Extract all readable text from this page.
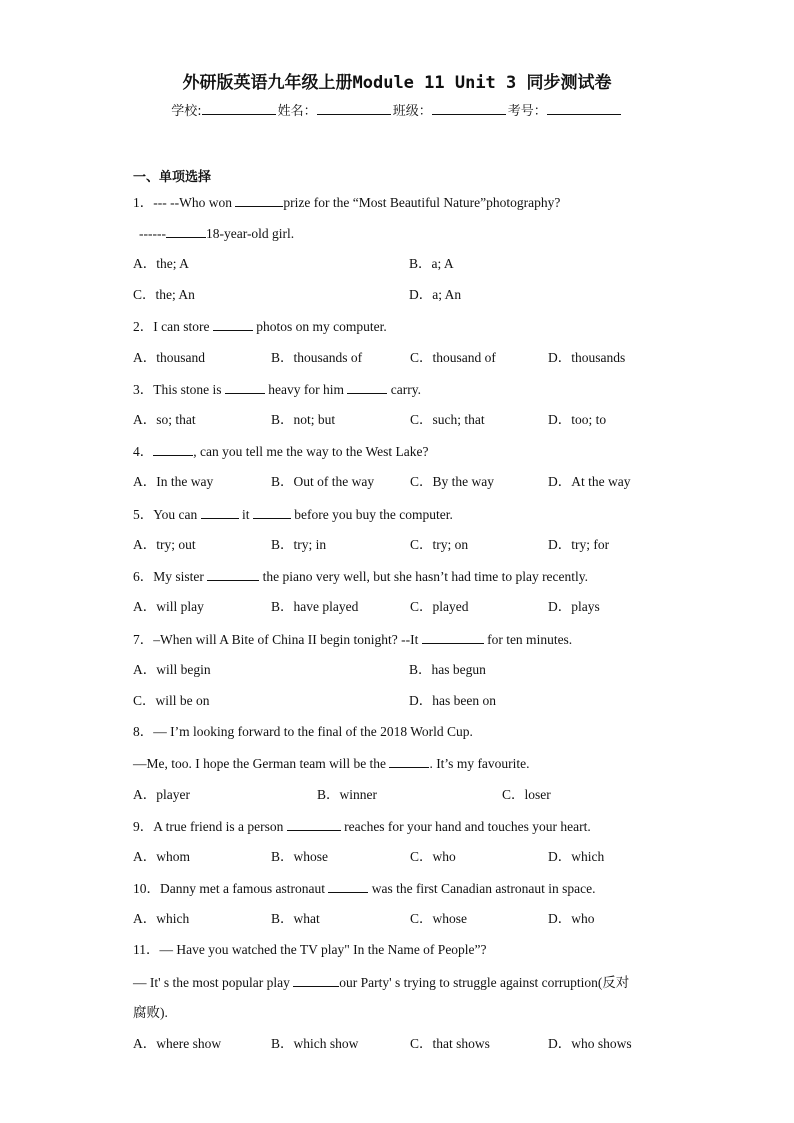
外研版英语九年级上册Module 11 Unit 3 同步测试卷
学校:	姓名：	班级：	考号：
一、单项选择
1．--- --Who won	prize for the “Most Beautiful Nature”photography?
------	18-year-old girl.
A．the; A	B．a; A
C．the; An	D．a; An
2．I can store	photos on my computer.
A．thousand	B．thousands of	C．thousand of	D．thousands
3．This stone is	heavy for him	carry.
A．so; that	B．not; but	C．such; that	D．too; to
4．	, can you tell me the way to the West Lake?
A．In the way	B．Out of the way	C．By the way	D．At the way
5．You can	it	before you buy the computer.
A．try; out	B．try; in	C．try; on	D．try; for
6．My sister	the piano very well, but she hasn’t had time to play recently.
A．will play	B．have played	C．played	D．plays
7．–When will A Bite of China II begin tonight? --It	for ten minutes.
A．will begin	B．has begun
C．will be on	D．has been on
8．— I’m looking forward to the final of the 2018 World Cup.
—Me, too. I hope the German team will be the	. It’s my favourite.
A．player	B．winner	C．loser
9．A true friend is a person	reaches for your hand and touches your heart.
A．whom	B．whose	C．who	D．which
10．Danny met a famous astronaut	was the first Canadian astronaut in space.
A．which	B．what	C．whose	D．who
11．— Have you watched the TV play" In the Name of People”?
— It' s the most popular play	our Party' s trying to struggle against corruption(反对
腐败).
A．where show	B．which show	C．that shows	D．who shows
